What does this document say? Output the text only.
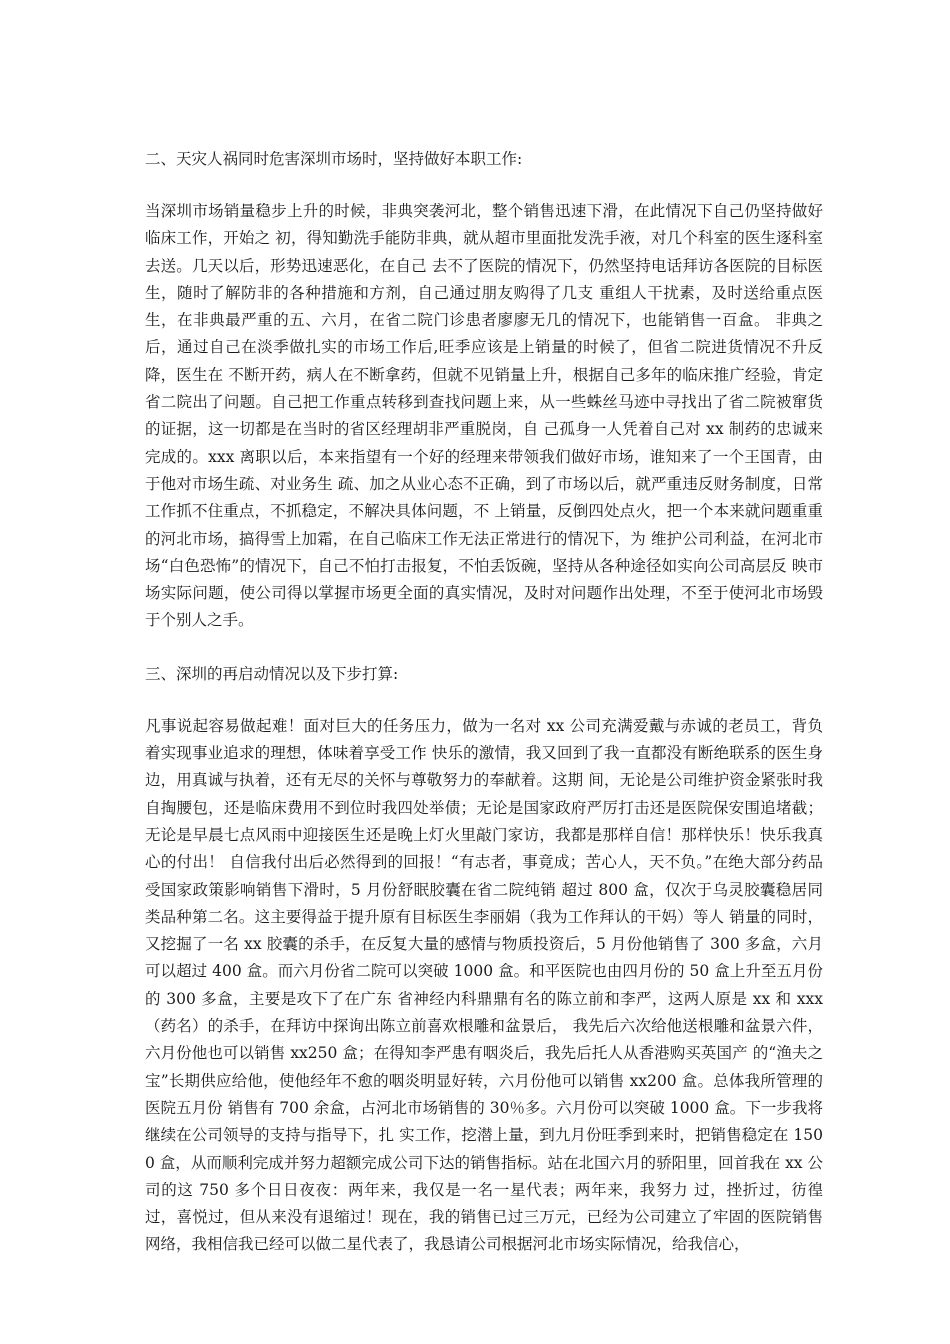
二、天灾人祸同时危害深圳市场时，坚持做好本职工作:

当深圳市场销量稳步上升的时候，非典突袭河北，整个销售迅速下滑，在此情况下自己仍坚持做好临床工作，开始之 初，得知勤洗手能防非典，就从超市里面批发洗手液，对几个科室的医生逐科室去送。几天以后，形势迅速恶化，在自己 去不了医院的情况下，仍然坚持电话拜访各医院的目标医生，随时了解防非的各种措施和方剂，自己通过朋友购得了几支 重组人干扰素，及时送给重点医生，在非典最严重的五、六月，在省二院门诊患者廖廖无几的情况下，也能销售一百盒。 非典之后，通过自己在淡季做扎实的市场工作后,旺季应该是上销量的时候了，但省二院进货情况不升反降，医生在 不断开药，病人在不断拿药，但就不见销量上升，根据自己多年的临床推广经验，肯定省二院出了问题。自己把工作重点转移到查找问题上来，从一些蛛丝马迹中寻找出了省二院被窜货的证据，这一切都是在当时的省区经理胡非严重脱岗，自 己孤身一人凭着自己对 xx 制药的忠诚来完成的。xxx 离职以后，本来指望有一个好的经理来带领我们做好市场，谁知来了一个王国青，由于他对市场生疏、对业务生 疏、加之从业心态不正确，到了市场以后，就严重违反财务制度，日常工作抓不住重点，不抓稳定，不解决具体问题，不 上销量，反倒四处点火，把一个本来就问题重重的河北市场，搞得雪上加霜，在自己临床工作无法正常进行的情况下，为 维护公司利益，在河北市场“白色恐怖”的情况下，自己不怕打击报复，不怕丢饭碗，坚持从各种途径如实向公司高层反 映市场实际问题，使公司得以掌握市场更全面的真实情况，及时对问题作出处理，不至于使河北市场毁于个别人之手。

三、深圳的再启动情况以及下步打算:

凡事说起容易做起难！面对巨大的任务压力，做为一名对 xx 公司充满爱戴与赤诚的老员工，背负着实现事业追求的理想，体味着享受工作 快乐的激情，我又回到了我一直都没有断绝联系的医生身边，用真诚与执着，还有无尽的关怀与尊敬努力的奉献着。这期 间，无论是公司维护资金紧张时我自掏腰包，还是临床费用不到位时我四处举债；无论是国家政府严厉打击还是医院保安围追堵截；无论是早晨七点风雨中迎接医生还是晚上灯火里敲门家访，我都是那样自信！那样快乐！快乐我真心的付出！ 自信我付出后必然得到的回报！“有志者，事竟成；苦心人，天不负。”在绝大部分药品受国家政策影响销售下滑时，5 月份舒眠胶囊在省二院纯销 超过 800 盒，仅次于乌灵胶囊稳居同类品种第二名。这主要得益于提升原有目标医生李丽娟（我为工作拜认的干妈）等人 销量的同时，又挖掘了一名 xx 胶囊的杀手，在反复大量的感情与物质投资后，5 月份他销售了 300 多盒，六月可以超过 400 盒。而六月份省二院可以突破 1000 盒。和平医院也由四月份的 50 盒上升至五月份的 300 多盒，主要是攻下了在广东 省神经内科鼎鼎有名的陈立前和李严，这两人原是 xx 和 xxx（药名）的杀手，在拜访中探询出陈立前喜欢根雕和盆景后， 我先后六次给他送根雕和盆景六件，六月份他也可以销售 xx250 盒；在得知李严患有咽炎后，我先后托人从香港购买英国产 的“渔夫之宝”长期供应给他，使他经年不愈的咽炎明显好转，六月份他可以销售 xx200 盒。总体我所管理的医院五月份 销售有 700 余盒，占河北市场销售的 30％多。六月份可以突破 1000 盒。下一步我将继续在公司领导的支持与指导下，扎 实工作，挖潜上量，到九月份旺季到来时，把销售稳定在 1500 盒，从而顺利完成并努力超额完成公司下达的销售指标。站在北国六月的骄阳里，回首我在 xx 公司的这 750 多个日日夜夜：两年来，我仅是一名一星代表；两年来，我努力 过，挫折过，彷徨过，喜悦过，但从来没有退缩过！现在，我的销售已过三万元，已经为公司建立了牢固的医院销售网络，我相信我已经可以做二星代表了，我恳请公司根据河北市场实际情况，给我信心，
